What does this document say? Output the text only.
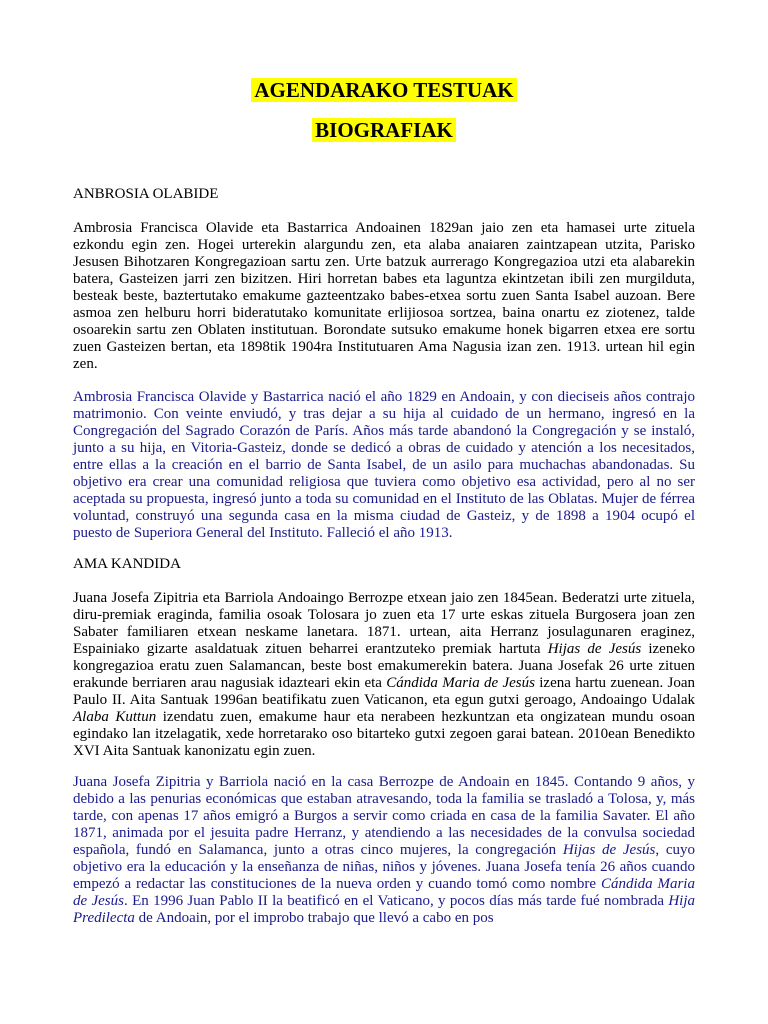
AGENDARAKO TESTUAK
BIOGRAFIAK
ANBROSIA OLABIDE
Ambrosia Francisca Olavide eta Bastarrica Andoainen 1829an jaio zen eta hamasei urte zituela ezkondu egin zen. Hogei urterekin alargundu zen, eta alaba anaiaren zaintzapean utzita, Parisko Jesusen Bihotzaren Kongregazioan sartu zen. Urte batzuk aurrerago Kongregazioa utzi eta alabarekin batera, Gasteizen jarri zen bizitzen. Hiri horretan babes eta laguntza ekintzetan ibili zen murgilduta, besteak beste, baztertutako emakume gazteentzako babes-etxea sortu zuen Santa Isabel auzoan. Bere asmoa zen helburu horri bideratutako komunitate erlijiosoa sortzea, baina onartu ez ziotenez, talde osoarekin sartu zen Oblaten institutuan. Borondate sutsuko emakume honek bigarren etxea ere sortu zuen Gasteizen bertan, eta 1898tik 1904ra Institutuaren Ama Nagusia izan zen. 1913. urtean hil egin zen.
Ambrosia Francisca Olavide y Bastarrica nació el año 1829 en Andoain, y con dieciseis años contrajo matrimonio. Con veinte enviudó, y tras dejar a su hija al cuidado de un hermano, ingresó en la Congregación del Sagrado Corazón de París. Años más tarde abandonó la Congregación y se instaló, junto a su hija, en Vitoria-Gasteiz, donde se dedicó a obras de cuidado y atención a los necesitados, entre ellas a la creación en el barrio de Santa Isabel, de un asilo para muchachas abandonadas. Su objetivo era crear una comunidad religiosa que tuviera como objetivo esa actividad, pero al no ser aceptada su propuesta, ingresó junto a toda su comunidad en el Instituto de las Oblatas. Mujer de férrea voluntad, construyó una segunda casa en la misma ciudad de Gasteiz, y de 1898 a 1904 ocupó el puesto de Superiora General del Instituto. Falleció el año 1913.
AMA KANDIDA
Juana Josefa Zipitria eta Barriola Andoaingo Berrozpe etxean jaio zen 1845ean. Bederatzi urte zituela, diru-premiak eraginda, familia osoak Tolosara jo zuen eta 17 urte eskas zituela Burgosera joan zen Sabater familiaren etxean neskame lanetara. 1871. urtean, aita Herranz josulagunaren eraginez, Espainiako gizarte asaldatuak zituen beharrei erantzuteko premiak hartuta Hijas de Jesús izeneko kongregazioa eratu zuen Salamancan, beste bost emakumerekin batera. Juana Josefak 26 urte zituen erakunde berriaren arau nagusiak idazteari ekin eta Cándida Maria de Jesús izena hartu zuenean. Joan Paulo II. Aita Santuak 1996an beatifikatu zuen Vaticanon, eta egun gutxi geroago, Andoaingo Udalak Alaba Kuttun izendatu zuen, emakume haur eta nerabeen hezkuntzan eta ongizatean mundu osoan egindako lan itzelagatik, xede horretarako oso bitarteko gutxi zegoen garai batean. 2010ean Benedikto XVI Aita Santuak kanonizatu egin zuen.
Juana Josefa Zipitria y Barriola nació en la casa Berrozpe de Andoain en 1845. Contando 9 años, y debido a las penurias económicas que estaban atravesando, toda la familia se trasladó a Tolosa, y, más tarde, con apenas 17 años emigró a Burgos a servir como criada en casa de la familia Savater. El año 1871, animada por el jesuita padre Herranz, y atendiendo a las necesidades de la convulsa sociedad española, fundó en Salamanca, junto a otras cinco mujeres, la congregación Hijas de Jesús, cuyo objetivo era la educación y la enseñanza de niñas, niños y jóvenes. Juana Josefa tenía 26 años cuando empezó a redactar las constituciones de la nueva orden y cuando tomó como nombre Cándida Maria de Jesús. En 1996 Juan Pablo II la beatificó en el Vaticano, y pocos días más tarde fué nombrada Hija Predilecta de Andoain, por el improbo trabajo que llevó a cabo en pos
